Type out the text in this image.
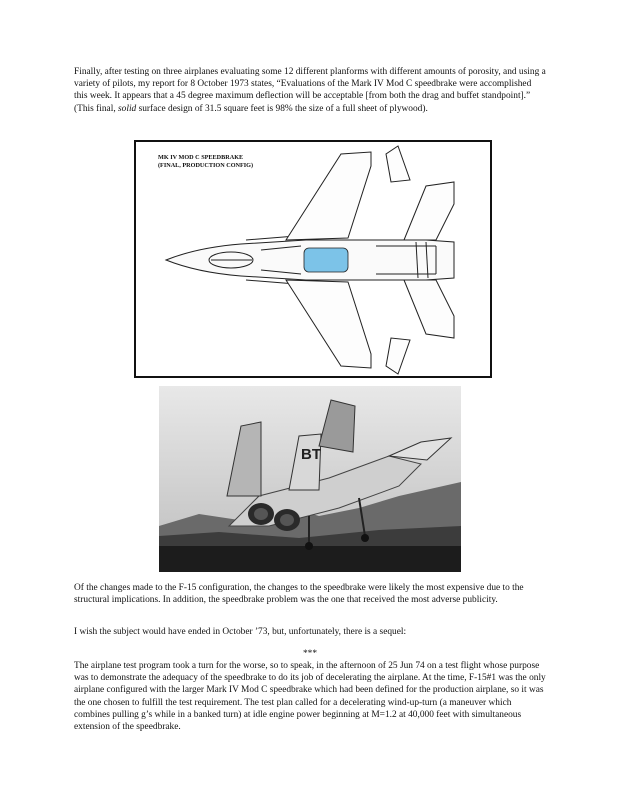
Finally, after testing on three airplanes evaluating some 12 different planforms with different amounts of porosity, and using a variety of pilots, my report for 8 October 1973 states, “Evaluations of the Mark IV Mod C speedbrake were accomplished this week. It appears that a 45 degree maximum deflection will be acceptable [from both the drag and buffet standpoint].” (This final, solid surface design of 31.5 square feet is 98% the size of a full sheet of plywood).

MK IV MOD C SPEEDBRAKE
(FINAL, PRODUCTION CONFIG)
BT

Of the changes made to the F-15 configuration, the changes to the speedbrake were likely the most expensive due to the structural implications. In addition, the speedbrake problem was the one that received the most adverse publicity.

I wish the subject would have ended in October ’73, but, unfortunately, there is a sequel:

***

The airplane test program took a turn for the worse, so to speak, in the afternoon of 25 Jun 74 on a test flight whose purpose was to demonstrate the adequacy of the speedbrake to do its job of decelerating the airplane. At the time, F-15#1 was the only airplane configured with the larger Mark IV Mod C speedbrake which had been defined for the production airplane, so it was the one chosen to fulfill the test requirement. The test plan called for a decelerating wind-up-turn (a maneuver which combines pulling g’s while in a banked turn) at idle engine power beginning at M=1.2 at 40,000 feet with simultaneous extension of the speedbrake.
